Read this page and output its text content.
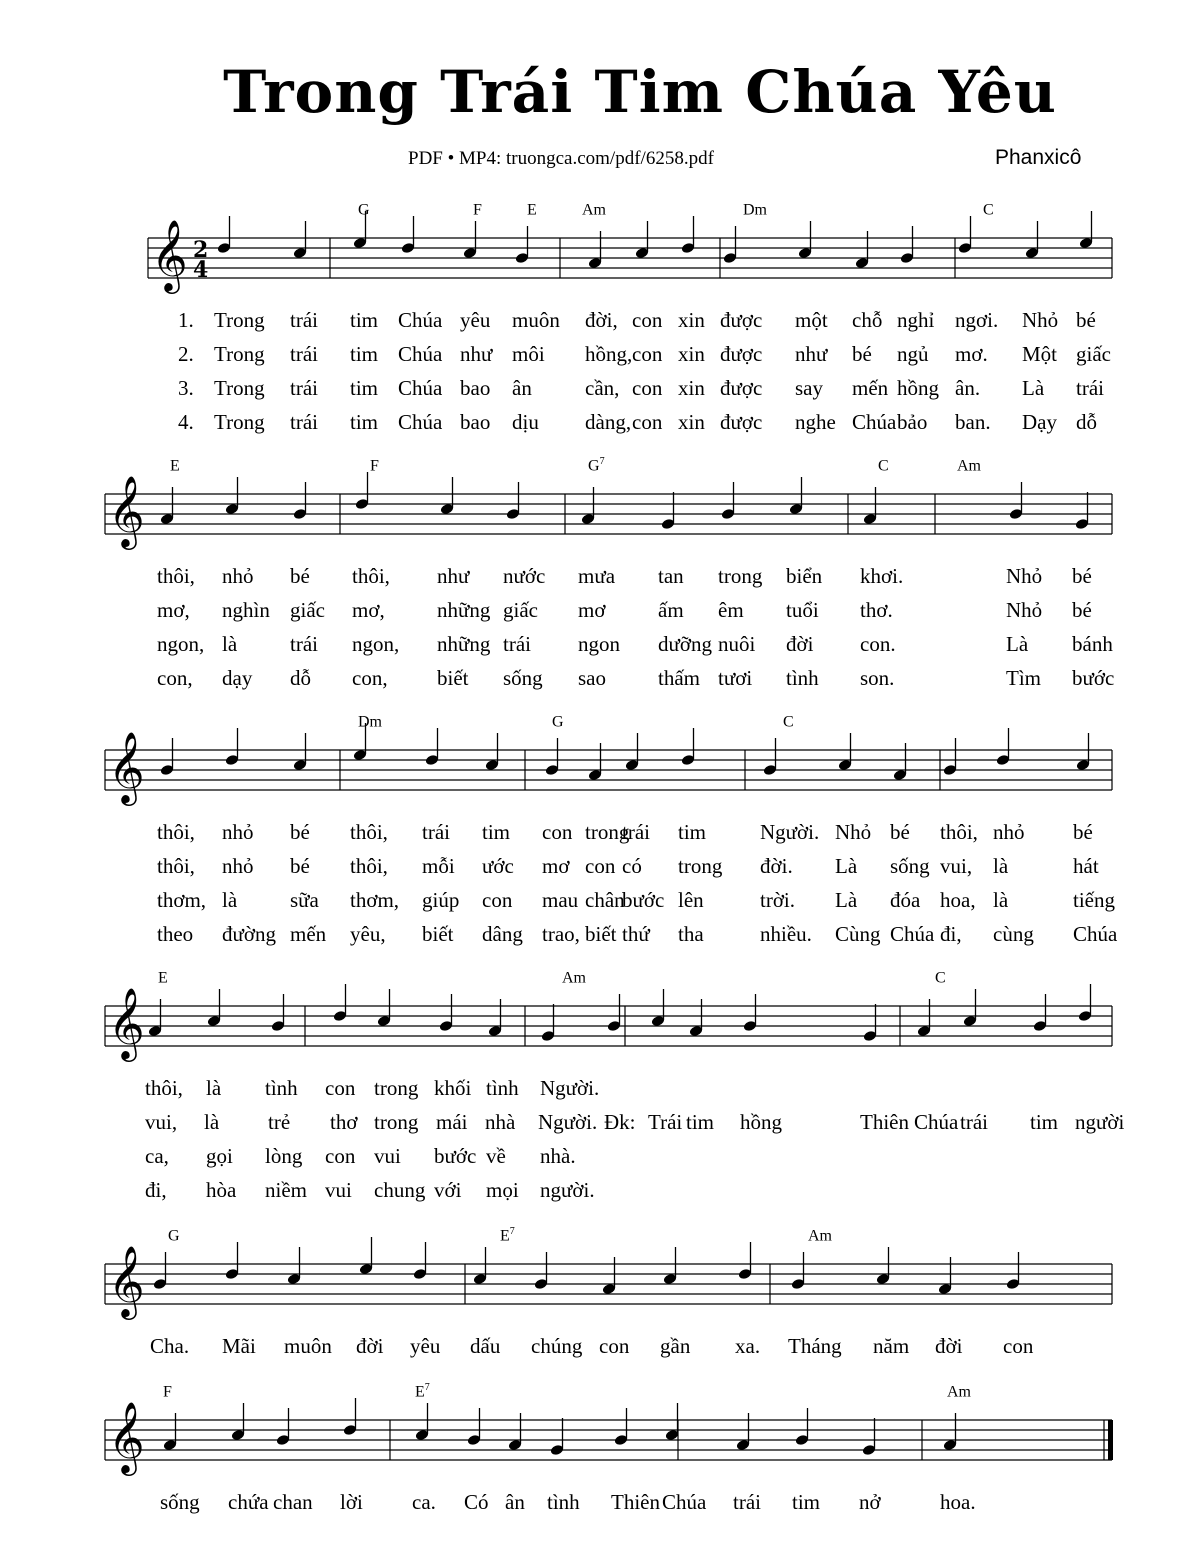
Trong Trái Tim Chúa Yêu
PDF • MP4: truongca.com/pdf/6258.pdf	Phanxicô
𝄞 2
4
G	F	E	Am	Dm	C
1. Trong trái tim Chúa yêu muôn đời, con xin được một chỗ nghỉ ngơi. Nhỏ bé
2. Trong trái tim Chúa như môi hồng, con xin được như bé ngủ mơ. Một giấc
3. Trong trái tim Chúa bao ân	cần, con xin được say mến hồng ân. Là trái
4. Trong trái tim Chúa bao dịu dàng, con xin được nghe Chúa bảo ban. Dạy dỗ
𝄞
E	F	$G^7$	C	Am
thôi, nhỏ bé thôi, như nước mưa tan trong biển khơi.	Nhỏ bé
mơ, nghìn giấc mơ, những giấc mơ	ấm êm tuổi thơ.	Nhỏ bé
ngon, là	trái ngon, những trái ngon dưỡng nuôi đời con.	Là bánh
con, dạy dỗ con, biết sống sao thấm tươi tình son.	Tìm bước
𝄞
Dm	G	C
thôi, nhỏ bé thôi, trái tim con trong
trái tim	Người. Nhỏ bé thôi, nhỏ bé
thôi, nhỏ bé thôi, mỗi ước mơ con có trong đời. Là sống vui, là	hát
thơm, là	sữa thơm, giúp con mau chân
bước lên	trời. Là đóa hoa, là	tiếng
theo đường mến yêu, biết dâng trao, biết thứ tha	nhiều. Cùng Chúa đi, cùng Chúa
𝄞
E	Am	C
thôi, là tình con trong khối tình Người.
vui, là trẻ thơ trong mái nhà Người. Đk: Trái tim hồng	Thiên Chúa trái tim người
ca, gọi lòng con vui bước về nhà.
đi, hòa niềm vui chung với mọi người.
𝄞
G	$E^7$	Am
Cha. Mãi muôn đời yêu dấu chúng con gần xa. Tháng năm đời con
𝄞
F	$E^7$	Am
sống chứa chan lời ca. Có ân tình Thiên Chúa trái tim nở	hoa.
